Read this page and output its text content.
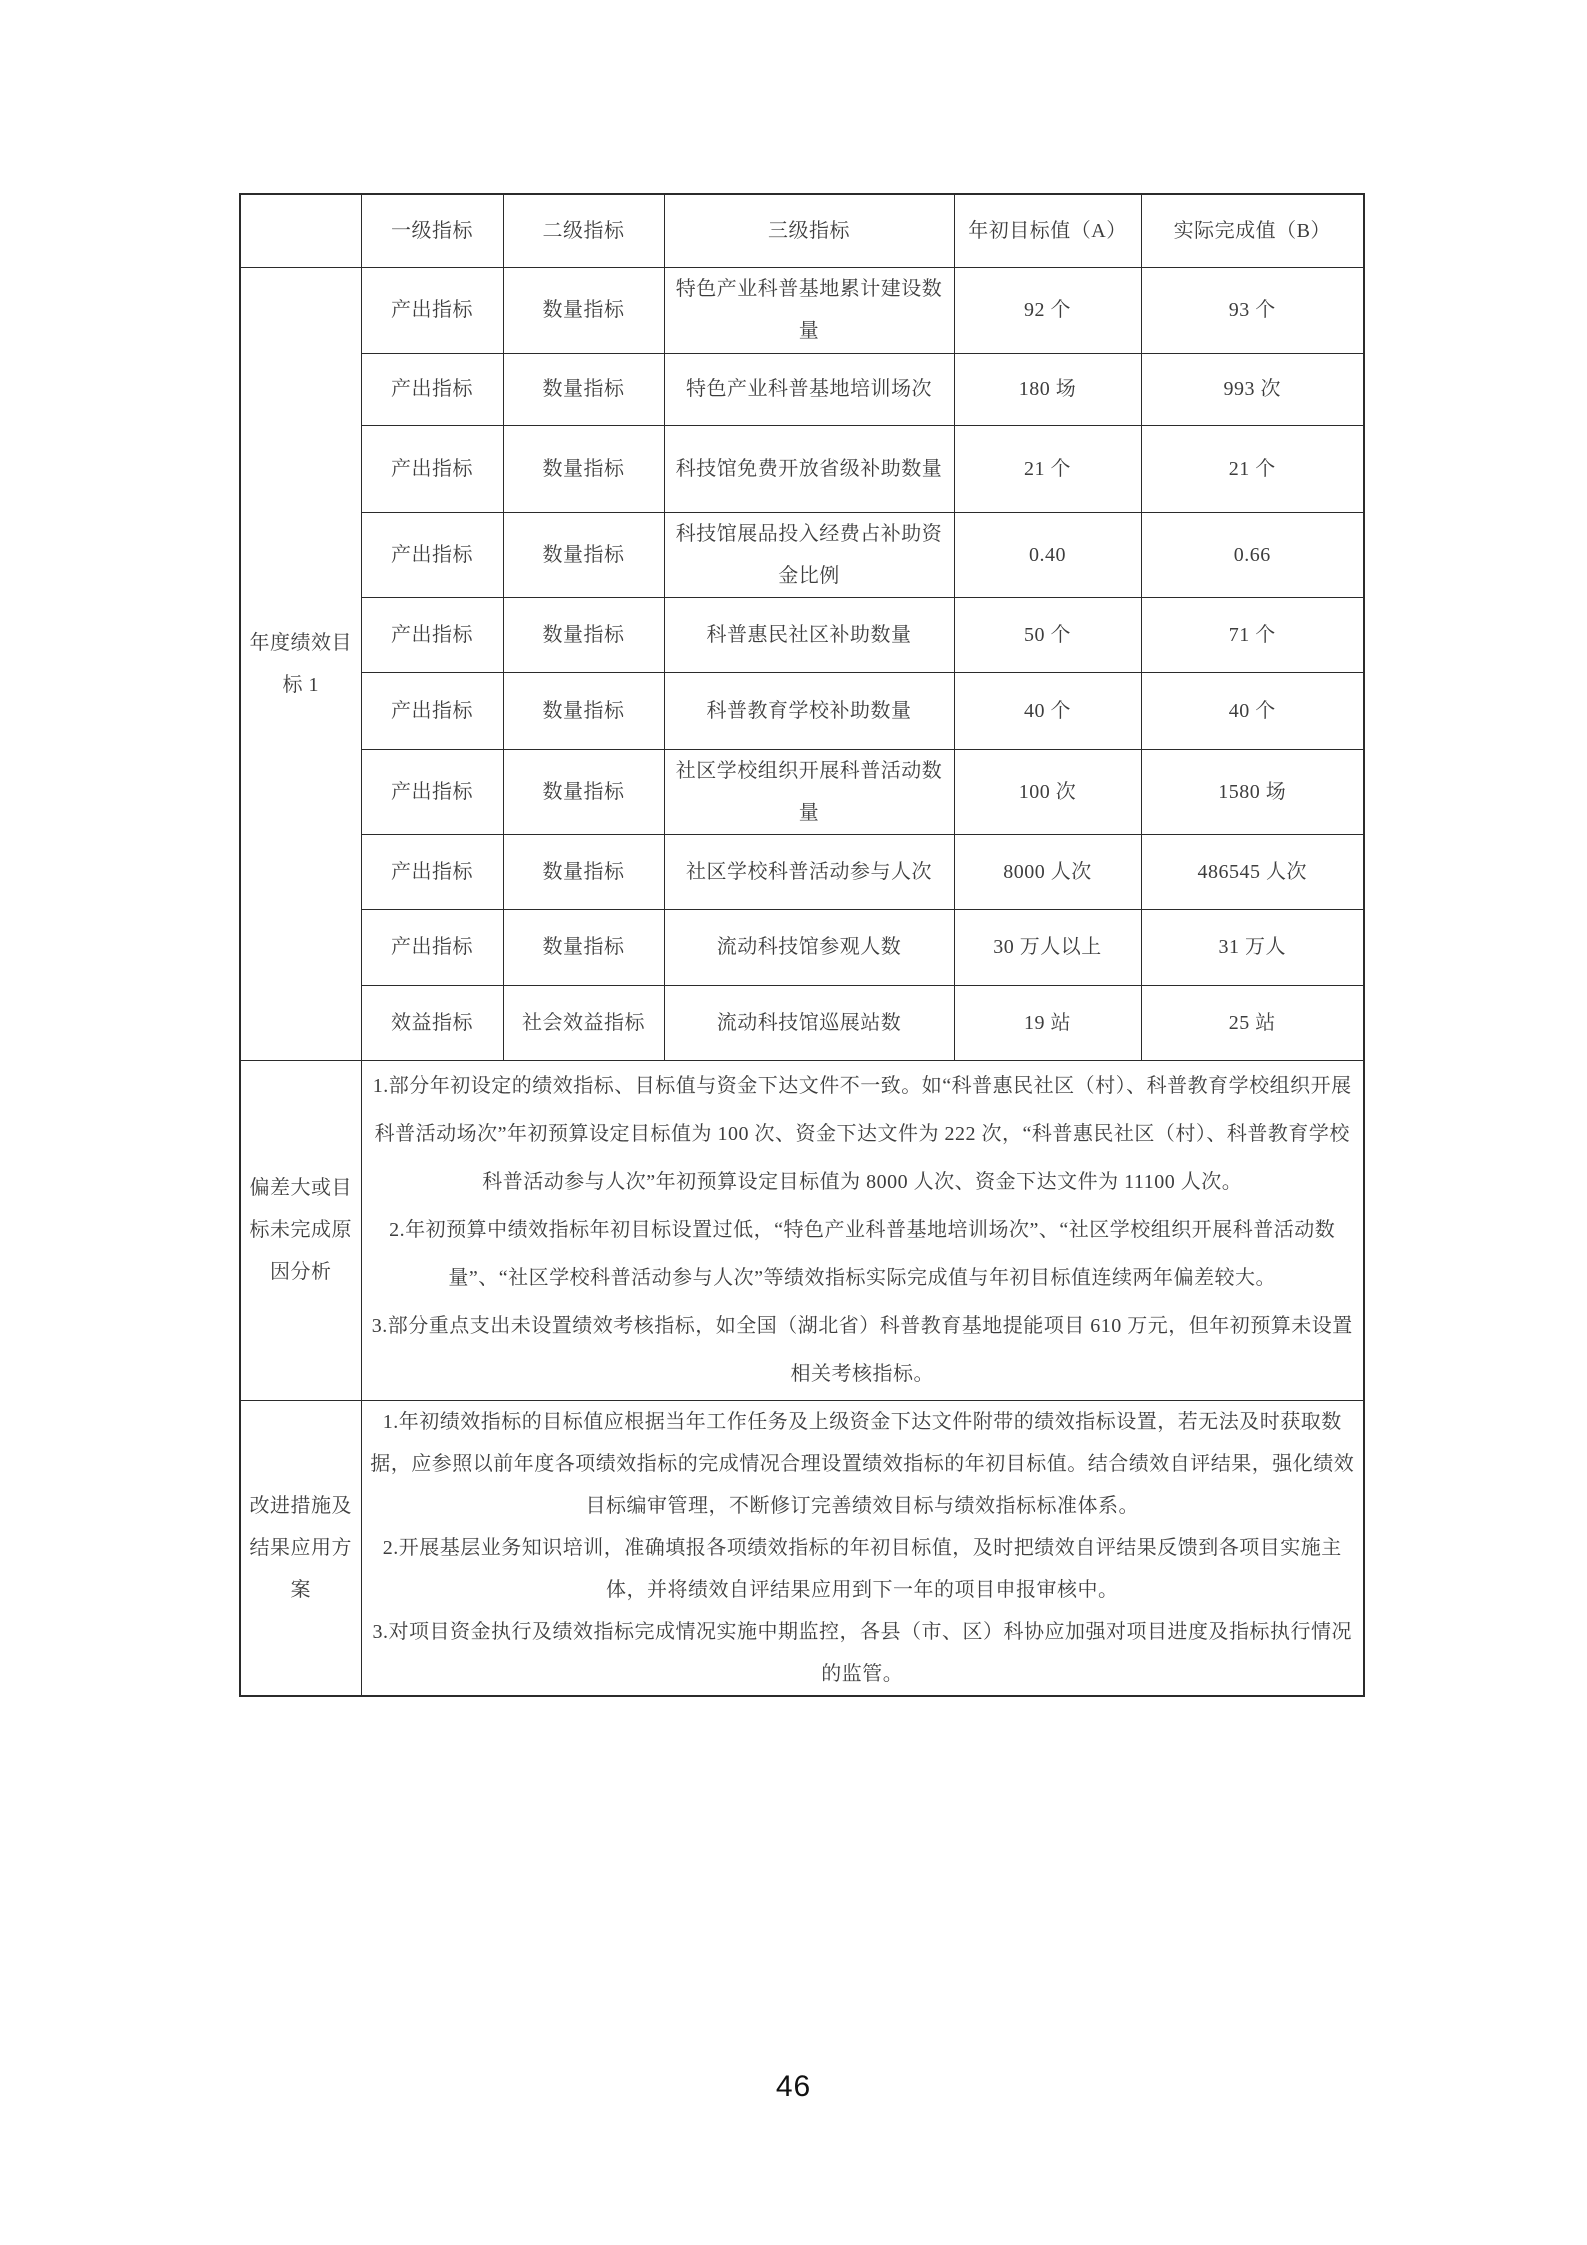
	一级指标	二级指标	三级指标	年初目标值（A）	实际完成值（B）
年度绩效目标 1	产出指标	数量指标	特色产业科普基地累计建设数量	92 个	93 个
	产出指标	数量指标	特色产业科普基地培训场次	180 场	993 次
	产出指标	数量指标	科技馆免费开放省级补助数量	21 个	21 个
	产出指标	数量指标	科技馆展品投入经费占补助资金比例	0.40	0.66
	产出指标	数量指标	科普惠民社区补助数量	50 个	71 个
	产出指标	数量指标	科普教育学校补助数量	40 个	40 个
	产出指标	数量指标	社区学校组织开展科普活动数量	100 次	1580 场
	产出指标	数量指标	社区学校科普活动参与人次	8000 人次	486545 人次
	产出指标	数量指标	流动科技馆参观人数	30 万人以上	31 万人
	效益指标	社会效益指标	流动科技馆巡展站数	19 站	25 站
偏差大或目标未完成原因分析	1.部分年初设定的绩效指标、目标值与资金下达文件不一致。如“科普惠民社区（村）、科普教育学校组织开展科普活动场次”年初预算设定目标值为 100 次、资金下达文件为 222 次，“科普惠民社区（村）、科普教育学校科普活动参与人次”年初预算设定目标值为 8000 人次、资金下达文件为 11100 人次。

2.年初预算中绩效指标年初目标设置过低，“特色产业科普基地培训场次”、“社区学校组织开展科普活动数量”、“社区学校科普活动参与人次”等绩效指标实际完成值与年初目标值连续两年偏差较大。

3.部分重点支出未设置绩效考核指标，如全国（湖北省）科普教育基地提能项目 610 万元，但年初预算未设置相关考核指标。				

改进措施及结果应用方案	1.年初绩效指标的目标值应根据当年工作任务及上级资金下达文件附带的绩效指标设置，若无法及时获取数据，应参照以前年度各项绩效指标的完成情况合理设置绩效指标的年初目标值。结合绩效自评结果，强化绩效目标编审管理，不断修订完善绩效目标与绩效指标标准体系。

2.开展基层业务知识培训，准确填报各项绩效指标的年初目标值，及时把绩效自评结果反馈到各项目实施主体，并将绩效自评结果应用到下一年的项目申报审核中。

3.对项目资金执行及绩效指标完成情况实施中期监控，各县（市、区）科协应加强对项目进度及指标执行情况的监管。				

46
